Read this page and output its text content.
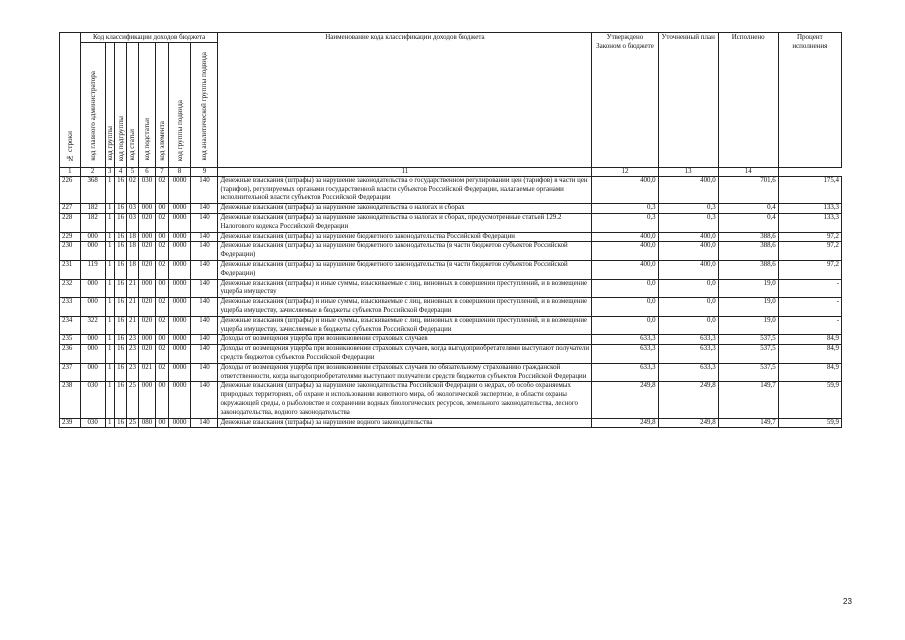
№ строки	Код классификации доходов бюджета								Наименование кода классификации доходов бюджета	Утверждено Законом о бюджете	Уточненный план	Исполнено	Процент исполнения
	код главного администратора	код группы	код подгруппы	код статьи	код подстатьи	код элемента	код группы подвида	код аналитической группы подвида					
1	2	3	4	5	6	7	8	9	11	12	13	14	
226	368	1	16	02	030	02	0000	140	Денежные взыскания (штрафы) за нарушение законодательства о государственном регулировании цен (тарифов) в части цен (тарифов), регулируемых органами государственной власти субъектов Российской Федерации, налагаемые органами исполнительной власти субъектов Российской Федерации	400,0	400,0	701,6	175,4
227	182	1	16	03	000	00	0000	140	Денежные взыскания (штрафы) за нарушение законодательства о налогах и сборах	0,3	0,3	0,4	133,3
228	182	1	16	03	020	02	0000	140	Денежные взыскания (штрафы) за нарушение законодательства о налогах и сборах, предусмотренные статьей 129.2 Налогового кодекса Российской Федерации	0,3	0,3	0,4	133,3
229	000	1	16	18	000	00	0000	140	Денежные взыскания (штрафы) за нарушение бюджетного законодательства Российской Федерации	400,0	400,0	388,6	97,2
230	000	1	16	18	020	02	0000	140	Денежные взыскания (штрафы) за нарушение бюджетного законодательства (в части бюджетов субъектов Российской Федерации)	400,0	400,0	388,6	97,2
231	119	1	16	18	020	02	0000	140	Денежные взыскания (штрафы) за нарушение бюджетного законодательства (в части бюджетов субъектов Российской Федерации)	400,0	400,0	388,6	97,2
232	000	1	16	21	000	00	0000	140	Денежные взыскания (штрафы) и иные суммы, взыскиваемые с лиц, виновных в совершении преступлений, и в возмещение ущерба имуществу	0,0	0,0	19,0	-
233	000	1	16	21	020	02	0000	140	Денежные взыскания (штрафы) и иные суммы, взыскиваемые с лиц, виновных в совершении преступлений, и в возмещение ущерба имуществу, зачисляемые в бюджеты субъектов Российской Федерации	0,0	0,0	19,0	-
234	322	1	16	21	020	02	0000	140	Денежные взыскания (штрафы) и иные суммы, взыскиваемые с лиц, виновных в совершении преступлений, и в возмещение ущерба имуществу, зачисляемые в бюджеты субъектов Российской Федерации	0,0	0,0	19,0	-
235	000	1	16	23	000	00	0000	140	Доходы от возмещения ущерба при возникновении страховых случаев	633,3	633,3	537,5	84,9
236	000	1	16	23	020	02	0000	140	Доходы от возмещения ущерба при возникновении страховых случаев, когда выгодоприобретателями выступают получатели средств бюджетов субъектов Российской Федерации	633,3	633,3	537,5	84,9
237	000	1	16	23	021	02	0000	140	Доходы от возмещения ущерба при возникновении страховых случаев по обязательному страхованию гражданской ответственности, когда выгодоприобретателями выступают получатели средств бюджетов субъектов Российской Федерации	633,3	633,3	537,5	84,9
238	030	1	16	25	000	00	0000	140	Денежные взыскания (штрафы) за нарушение законодательства Российской Федерации о недрах, об особо охраняемых природных территориях, об охране и использовании животного мира, об экологической экспертизе, в области охраны окружающей среды, о рыболовстве и сохранении водных биологических ресурсов, земельного законодательства, лесного законодательства, водного законодательства	249,8	249,8	149,7	59,9
239	030	1	16	25	080	00	0000	140	Денежные взыскания (штрафы) за нарушение водного законодательства	249,8	249,8	149,7	59,9
23
